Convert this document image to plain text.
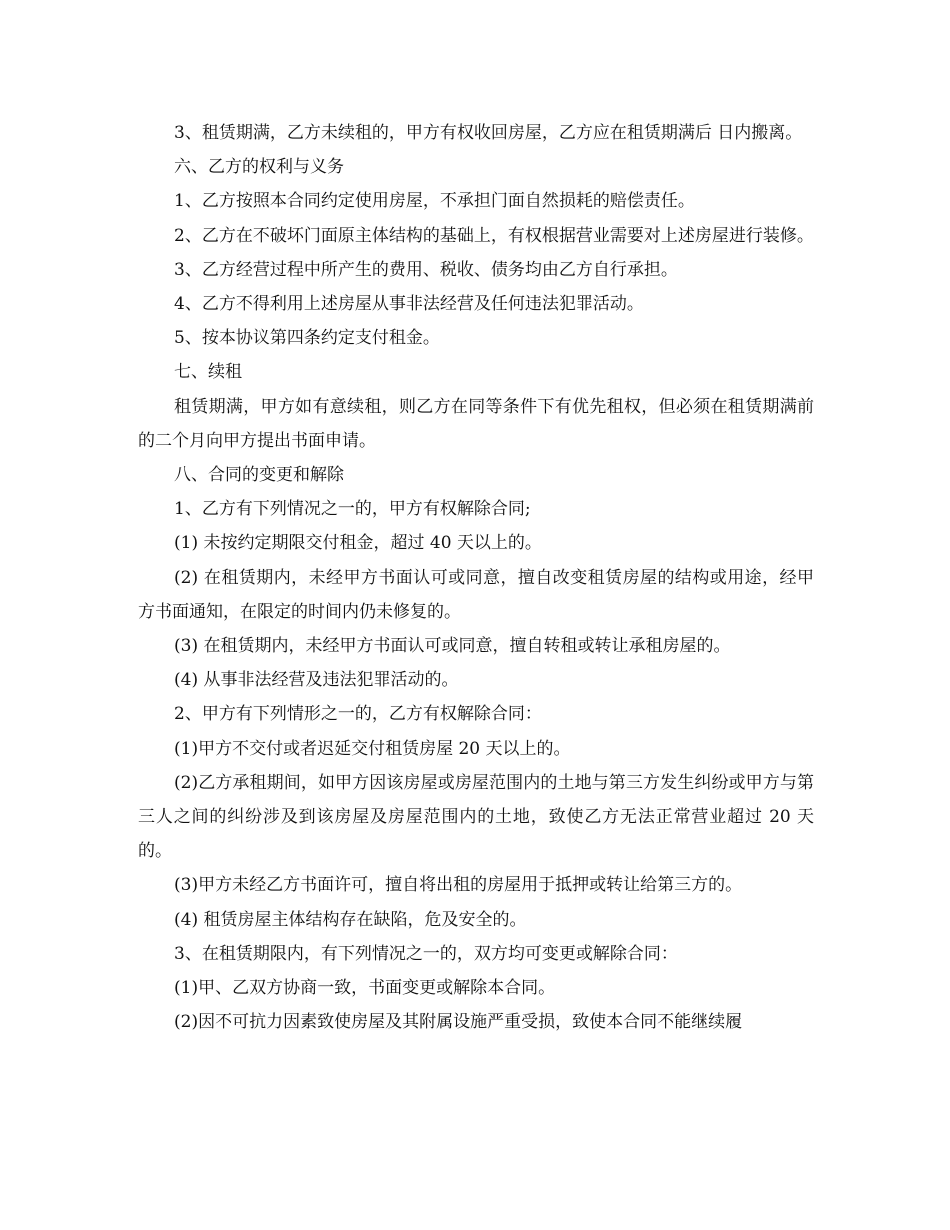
3、租赁期满，乙方未续租的，甲方有权收回房屋，乙方应在租赁期满后 日内搬离。

六、乙方的权利与义务

1、乙方按照本合同约定使用房屋，不承担门面自然损耗的赔偿责任。

2、乙方在不破坏门面原主体结构的基础上，有权根据营业需要对上述房屋进行装修。

3、乙方经营过程中所产生的费用、税收、债务均由乙方自行承担。

4、乙方不得利用上述房屋从事非法经营及任何违法犯罪活动。

5、按本协议第四条约定支付租金。

七、续租

租赁期满，甲方如有意续租，则乙方在同等条件下有优先租权，但必须在租赁期满前的二个月向甲方提出书面申请。

八、合同的变更和解除

1、乙方有下列情况之一的，甲方有权解除合同;

(1) 未按约定期限交付租金，超过 40 天以上的。

(2) 在租赁期内，未经甲方书面认可或同意，擅自改变租赁房屋的结构或用途，经甲方书面通知，在限定的时间内仍未修复的。

(3) 在租赁期内，未经甲方书面认可或同意，擅自转租或转让承租房屋的。

(4) 从事非法经营及违法犯罪活动的。

2、甲方有下列情形之一的，乙方有权解除合同：

(1)甲方不交付或者迟延交付租赁房屋 20 天以上的。

(2)乙方承租期间，如甲方因该房屋或房屋范围内的土地与第三方发生纠纷或甲方与第三人之间的纠纷涉及到该房屋及房屋范围内的土地，致使乙方无法正常营业超过 20 天的。

(3)甲方未经乙方书面许可，擅自将出租的房屋用于抵押或转让给第三方的。

(4) 租赁房屋主体结构存在缺陷，危及安全的。

3、在租赁期限内，有下列情况之一的，双方均可变更或解除合同：

(1)甲、乙双方协商一致，书面变更或解除本合同。

(2)因不可抗力因素致使房屋及其附属设施严重受损，致使本合同不能继续履
